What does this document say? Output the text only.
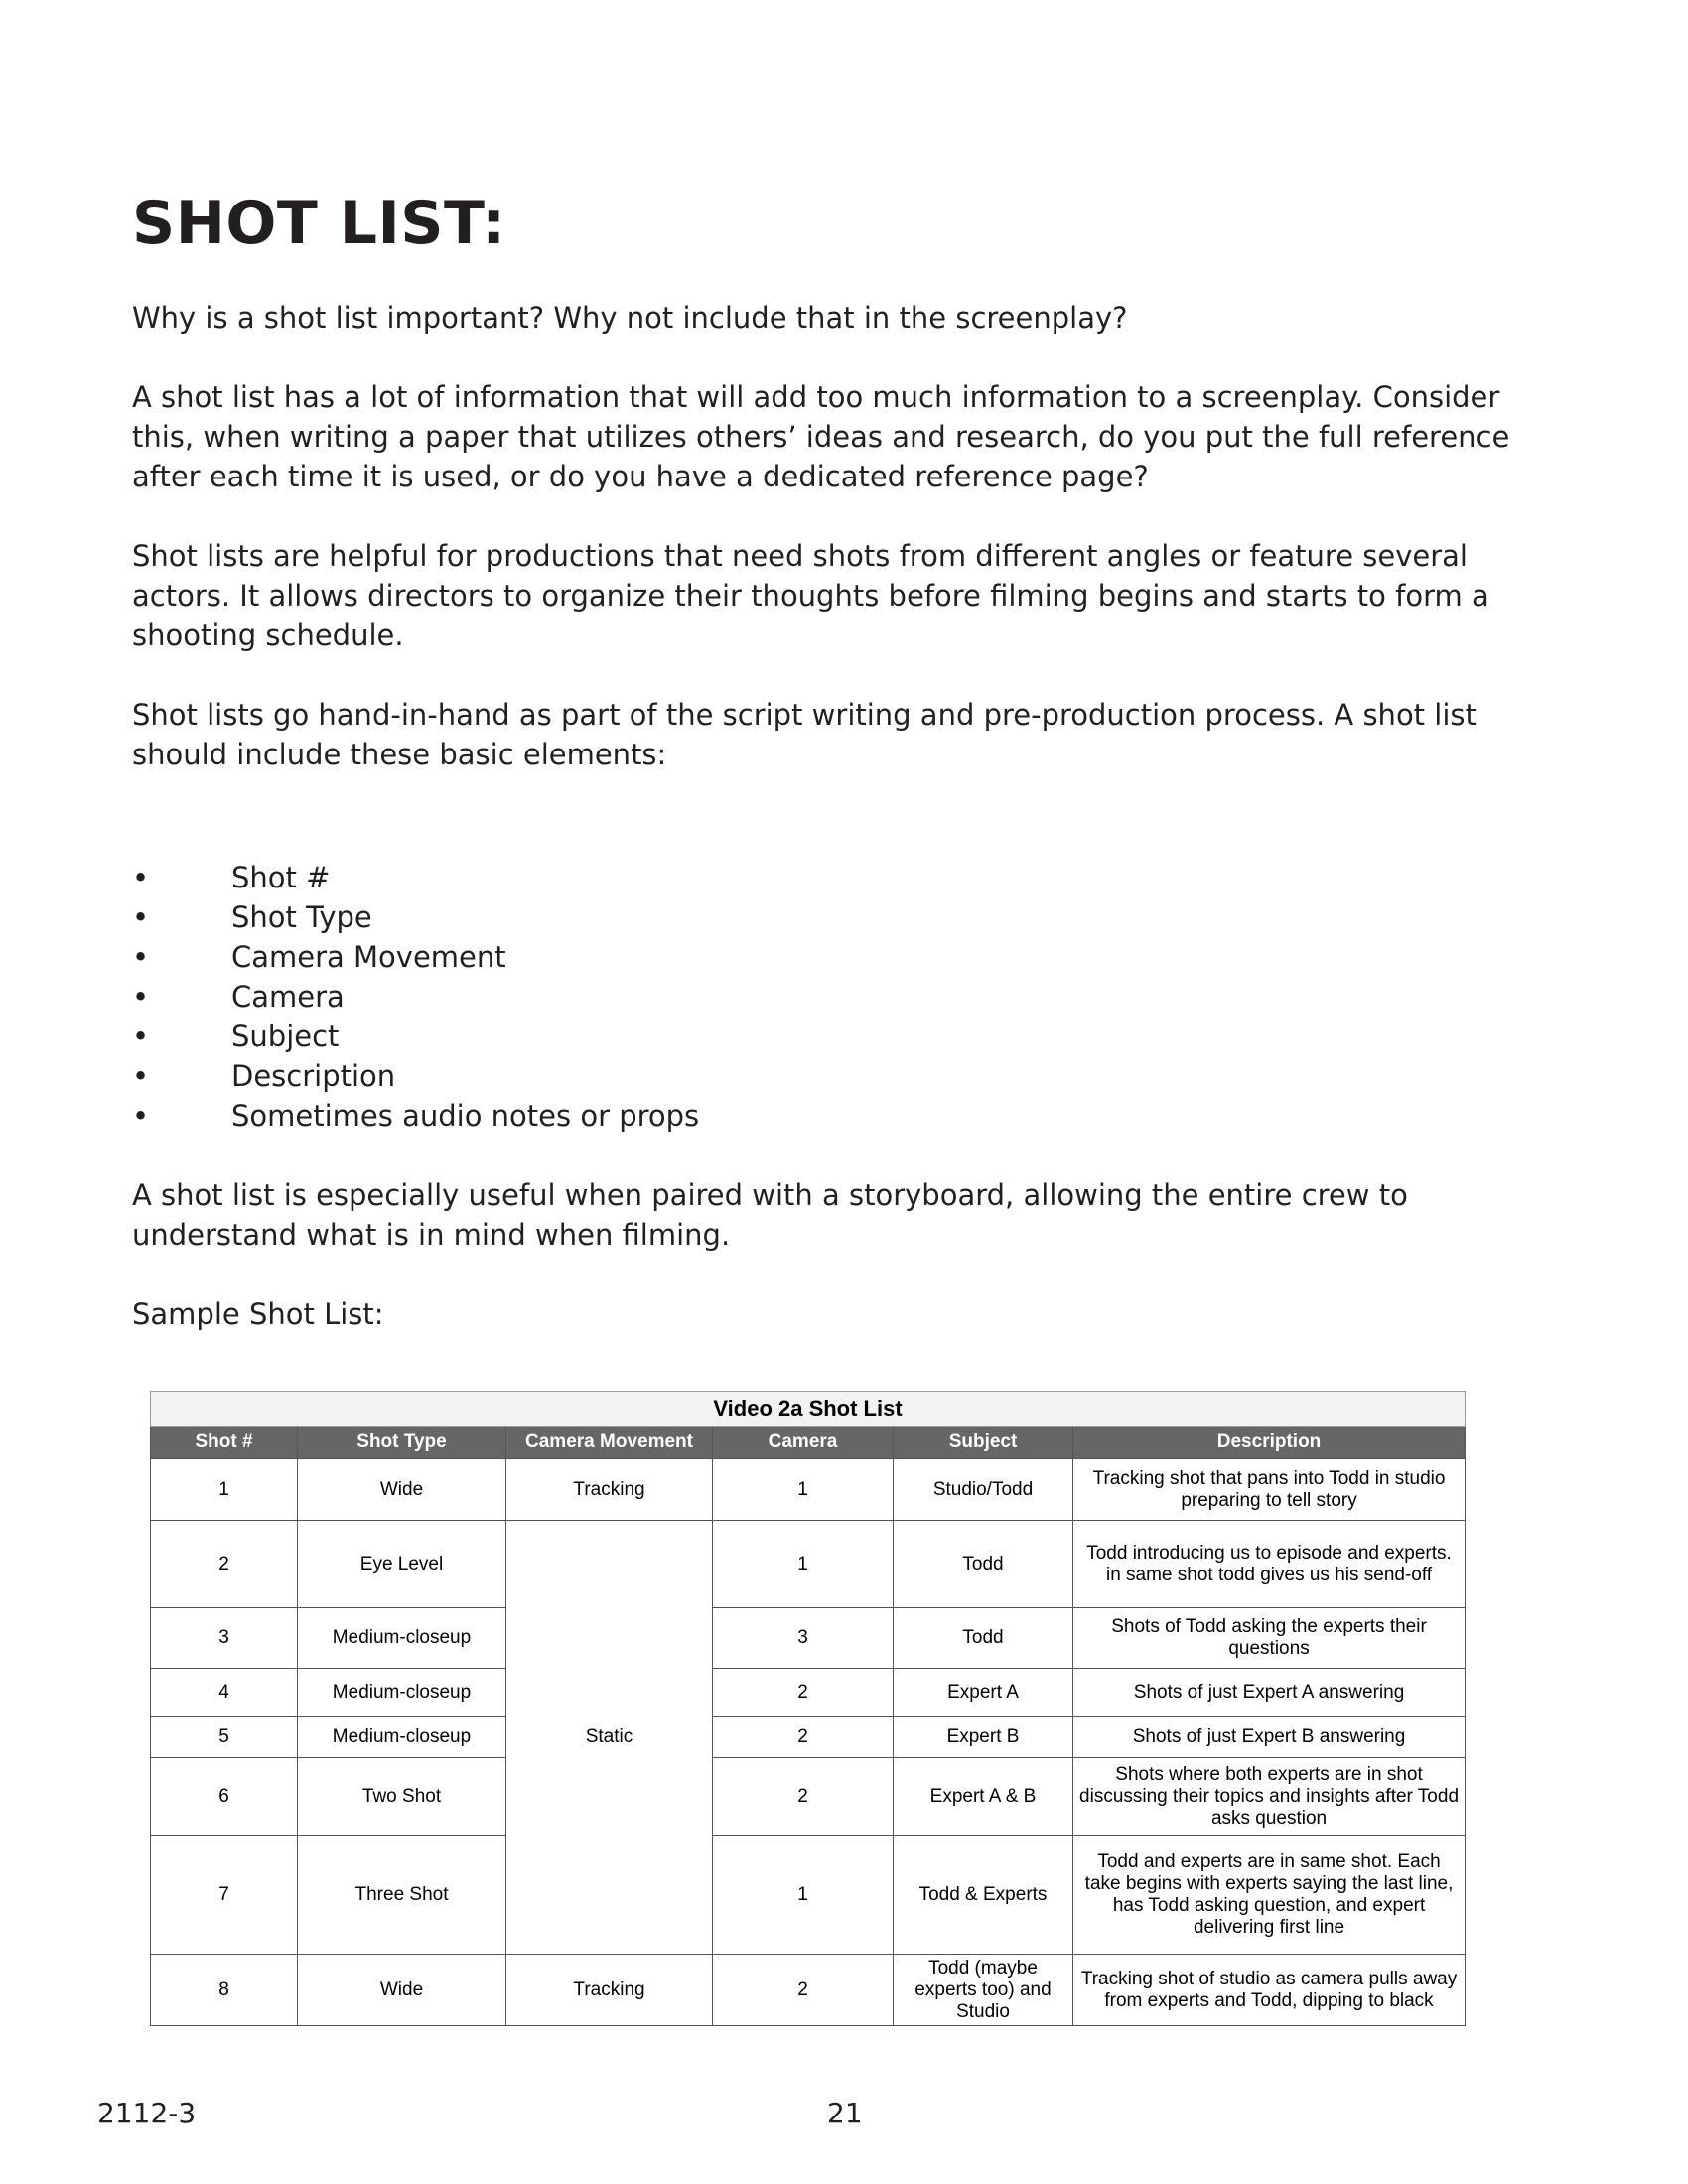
SHOT LIST:

Why is a shot list important? Why not include that in the screenplay?

A shot list has a lot of information that will add too much information to a screenplay. Consider this, when writing a paper that utilizes others’ ideas and research, do you put the full reference after each time it is used, or do you have a dedicated reference page?

Shot lists are helpful for productions that need shots from different angles or feature several actors. It allows directors to organize their thoughts before filming begins and starts to form a shooting schedule.

Shot lists go hand-in-hand as part of the script writing and pre-production process. A shot list should include these basic elements:

•	Shot #
•	Shot Type
•	Camera Movement
•	Camera
•	Subject
•	Description
•	Sometimes audio notes or props

A shot list is especially useful when paired with a storyboard, allowing the entire crew to understand what is in mind when filming.

Sample Shot List:

Video 2a Shot List					
Shot #	Shot Type	Camera Movement	Camera	Subject	Description
1	Wide	Tracking	1	Studio/Todd	Tracking shot that pans into Todd in studio preparing to tell story
2	Eye Level	Static	1	Todd	Todd introducing us to episode and experts. in same shot todd gives us his send-off
3	Medium-closeup		3	Todd	Shots of Todd asking the experts their questions
4	Medium-closeup		2	Expert A	Shots of just Expert A answering
5	Medium-closeup		2	Expert B	Shots of just Expert B answering
6	Two Shot		2	Expert A & B	Shots where both experts are in shot discussing their topics and insights after Todd asks question
7	Three Shot		1	Todd & Experts	Todd and experts are in same shot. Each take begins with experts saying the last line, has Todd asking question, and expert delivering first line
8	Wide	Tracking	2	Todd (maybe experts too) and Studio	Tracking shot of studio as camera pulls away from experts and Todd, dipping to black

2112-3	21
